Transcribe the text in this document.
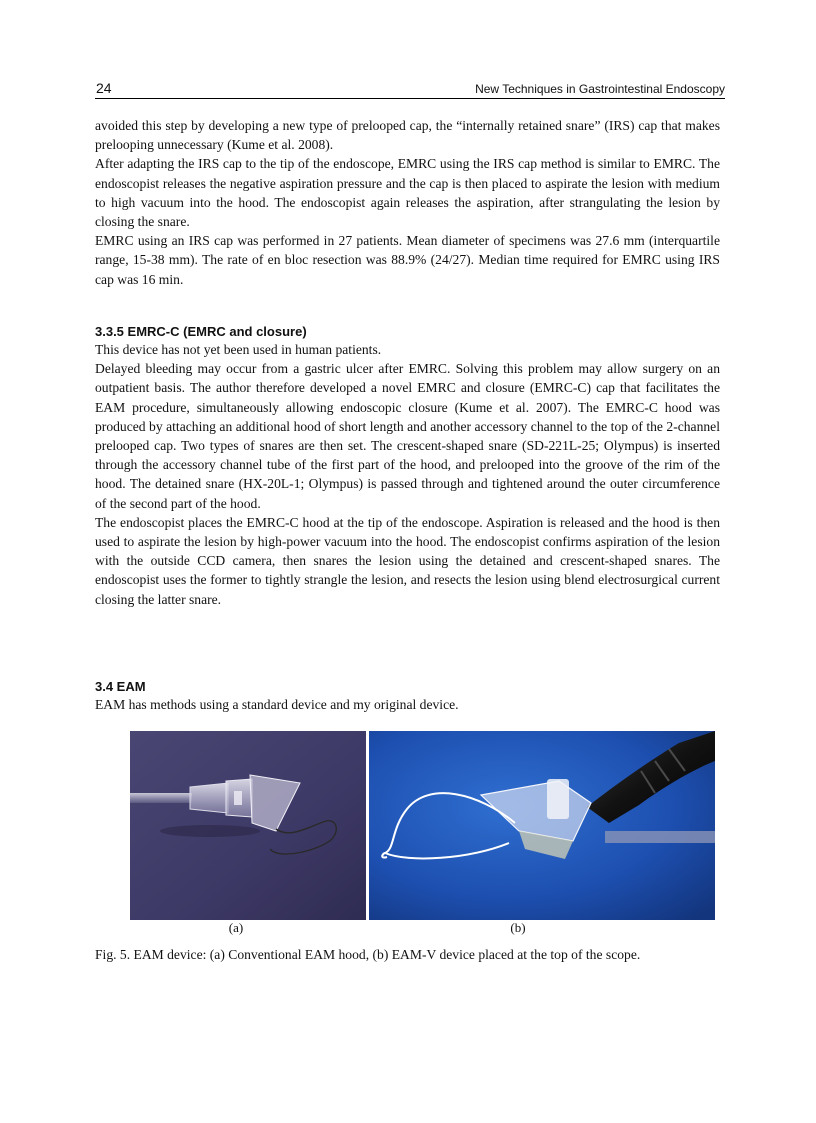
24	New Techniques in Gastrointestinal Endoscopy

avoided this step by developing a new type of prelooped cap, the “internally retained snare” (IRS) cap that makes prelooping unnecessary (Kume et al. 2008).

After adapting the IRS cap to the tip of the endoscope, EMRC using the IRS cap method is similar to EMRC. The endoscopist releases the negative aspiration pressure and the cap is then placed to aspirate the lesion with medium to high vacuum into the hood. The endoscopist again releases the aspiration, after strangulating the lesion by closing the snare.

EMRC using an IRS cap was performed in 27 patients. Mean diameter of specimens was 27.6 mm (interquartile range, 15-38 mm). The rate of en bloc resection was 88.9% (24/27). Median time required for EMRC using IRS cap was 16 min.

3.3.5 EMRC-C (EMRC and closure)

This device has not yet been used in human patients.

Delayed bleeding may occur from a gastric ulcer after EMRC. Solving this problem may allow surgery on an outpatient basis. The author therefore developed a novel EMRC and closure (EMRC-C) cap that facilitates the EAM procedure, simultaneously allowing endoscopic closure (Kume et al. 2007). The EMRC-C hood was produced by attaching an additional hood of short length and another accessory channel to the top of the 2-channel prelooped cap. Two types of snares are then set. The crescent-shaped snare (SD-221L-25; Olympus) is inserted through the accessory channel tube of the first part of the hood, and prelooped into the groove of the rim of the hood. The detained snare (HX-20L-1; Olympus) is passed through and tightened around the outer circumference of the second part of the hood.

The endoscopist places the EMRC-C hood at the tip of the endoscope. Aspiration is released and the hood is then used to aspirate the lesion by high-power vacuum into the hood. The endoscopist confirms aspiration of the lesion with the outside CCD camera, then snares the lesion using the detained and crescent-shaped snares. The endoscopist uses the former to tightly strangle the lesion, and resects the lesion using blend electrosurgical current closing the latter snare.

3.4 EAM

EAM has methods using a standard device and my original device.

(a)	(b)
Fig. 5. EAM device: (a) Conventional EAM hood, (b) EAM-V device placed at the top of the scope.
